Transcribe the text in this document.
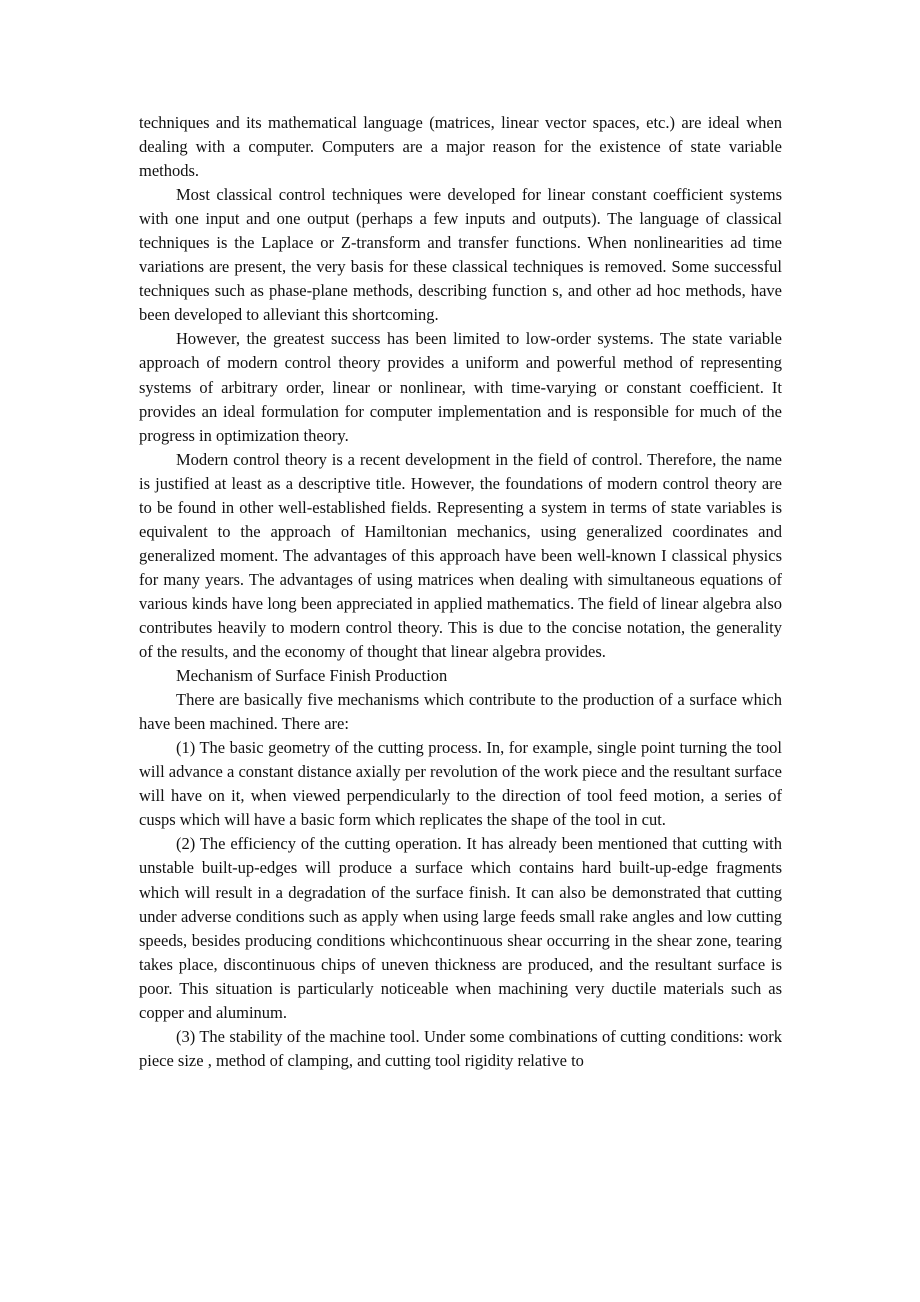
techniques and its mathematical language (matrices, linear vector spaces, etc.) are ideal when dealing with a computer. Computers are a major reason for the existence of state variable methods.

Most classical control techniques were developed for linear constant coefficient systems with one input and one output (perhaps a few inputs and outputs). The language of classical techniques is the Laplace or Z-transform and transfer functions. When nonlinearities ad time variations are present, the very basis for these classical techniques is removed. Some successful techniques such as phase-plane methods, describing function s, and other ad hoc methods, have been developed to alleviant this shortcoming.

However, the greatest success has been limited to low-order systems. The state variable approach of modern control theory provides a uniform and powerful method of representing systems of arbitrary order, linear or nonlinear, with time-varying or constant coefficient. It provides an ideal formulation for computer implementation and is responsible for much of the progress in optimization theory.

Modern control theory is a recent development in the field of control. Therefore, the name is justified at least as a descriptive title. However, the foundations of modern control theory are to be found in other well-established fields. Representing a system in terms of state variables is equivalent to the approach of Hamiltonian mechanics, using generalized coordinates and generalized moment. The advantages of this approach have been well-known I classical physics for many years. The advantages of using matrices when dealing with simultaneous equations of various kinds have long been appreciated in applied mathematics. The field of linear algebra also contributes heavily to modern control theory. This is due to the concise notation, the generality of the results, and the economy of thought that linear algebra provides.

Mechanism of Surface Finish Production

There are basically five mechanisms which contribute to the production of a surface which have been machined. There are:

(1) The basic geometry of the cutting process. In, for example, single point turning the tool will advance a constant distance axially per revolution of the work piece and the resultant surface will have on it, when viewed perpendicularly to the direction of tool feed motion, a series of cusps which will have a basic form which replicates the shape of the tool in cut.

(2) The efficiency of the cutting operation. It has already been mentioned that cutting with unstable built-up-edges will produce a surface which contains hard built-up-edge fragments which will result in a degradation of the surface finish. It can also be demonstrated that cutting under adverse conditions such as apply when using large feeds small rake angles and low cutting speeds, besides producing conditions whichcontinuous shear occurring in the shear zone, tearing takes place, discontinuous chips of uneven thickness are produced, and the resultant surface is poor. This situation is particularly noticeable when machining very ductile materials such as copper and aluminum.

(3) The stability of the machine tool. Under some combinations of cutting conditions: work piece size , method of clamping, and cutting tool rigidity relative to
